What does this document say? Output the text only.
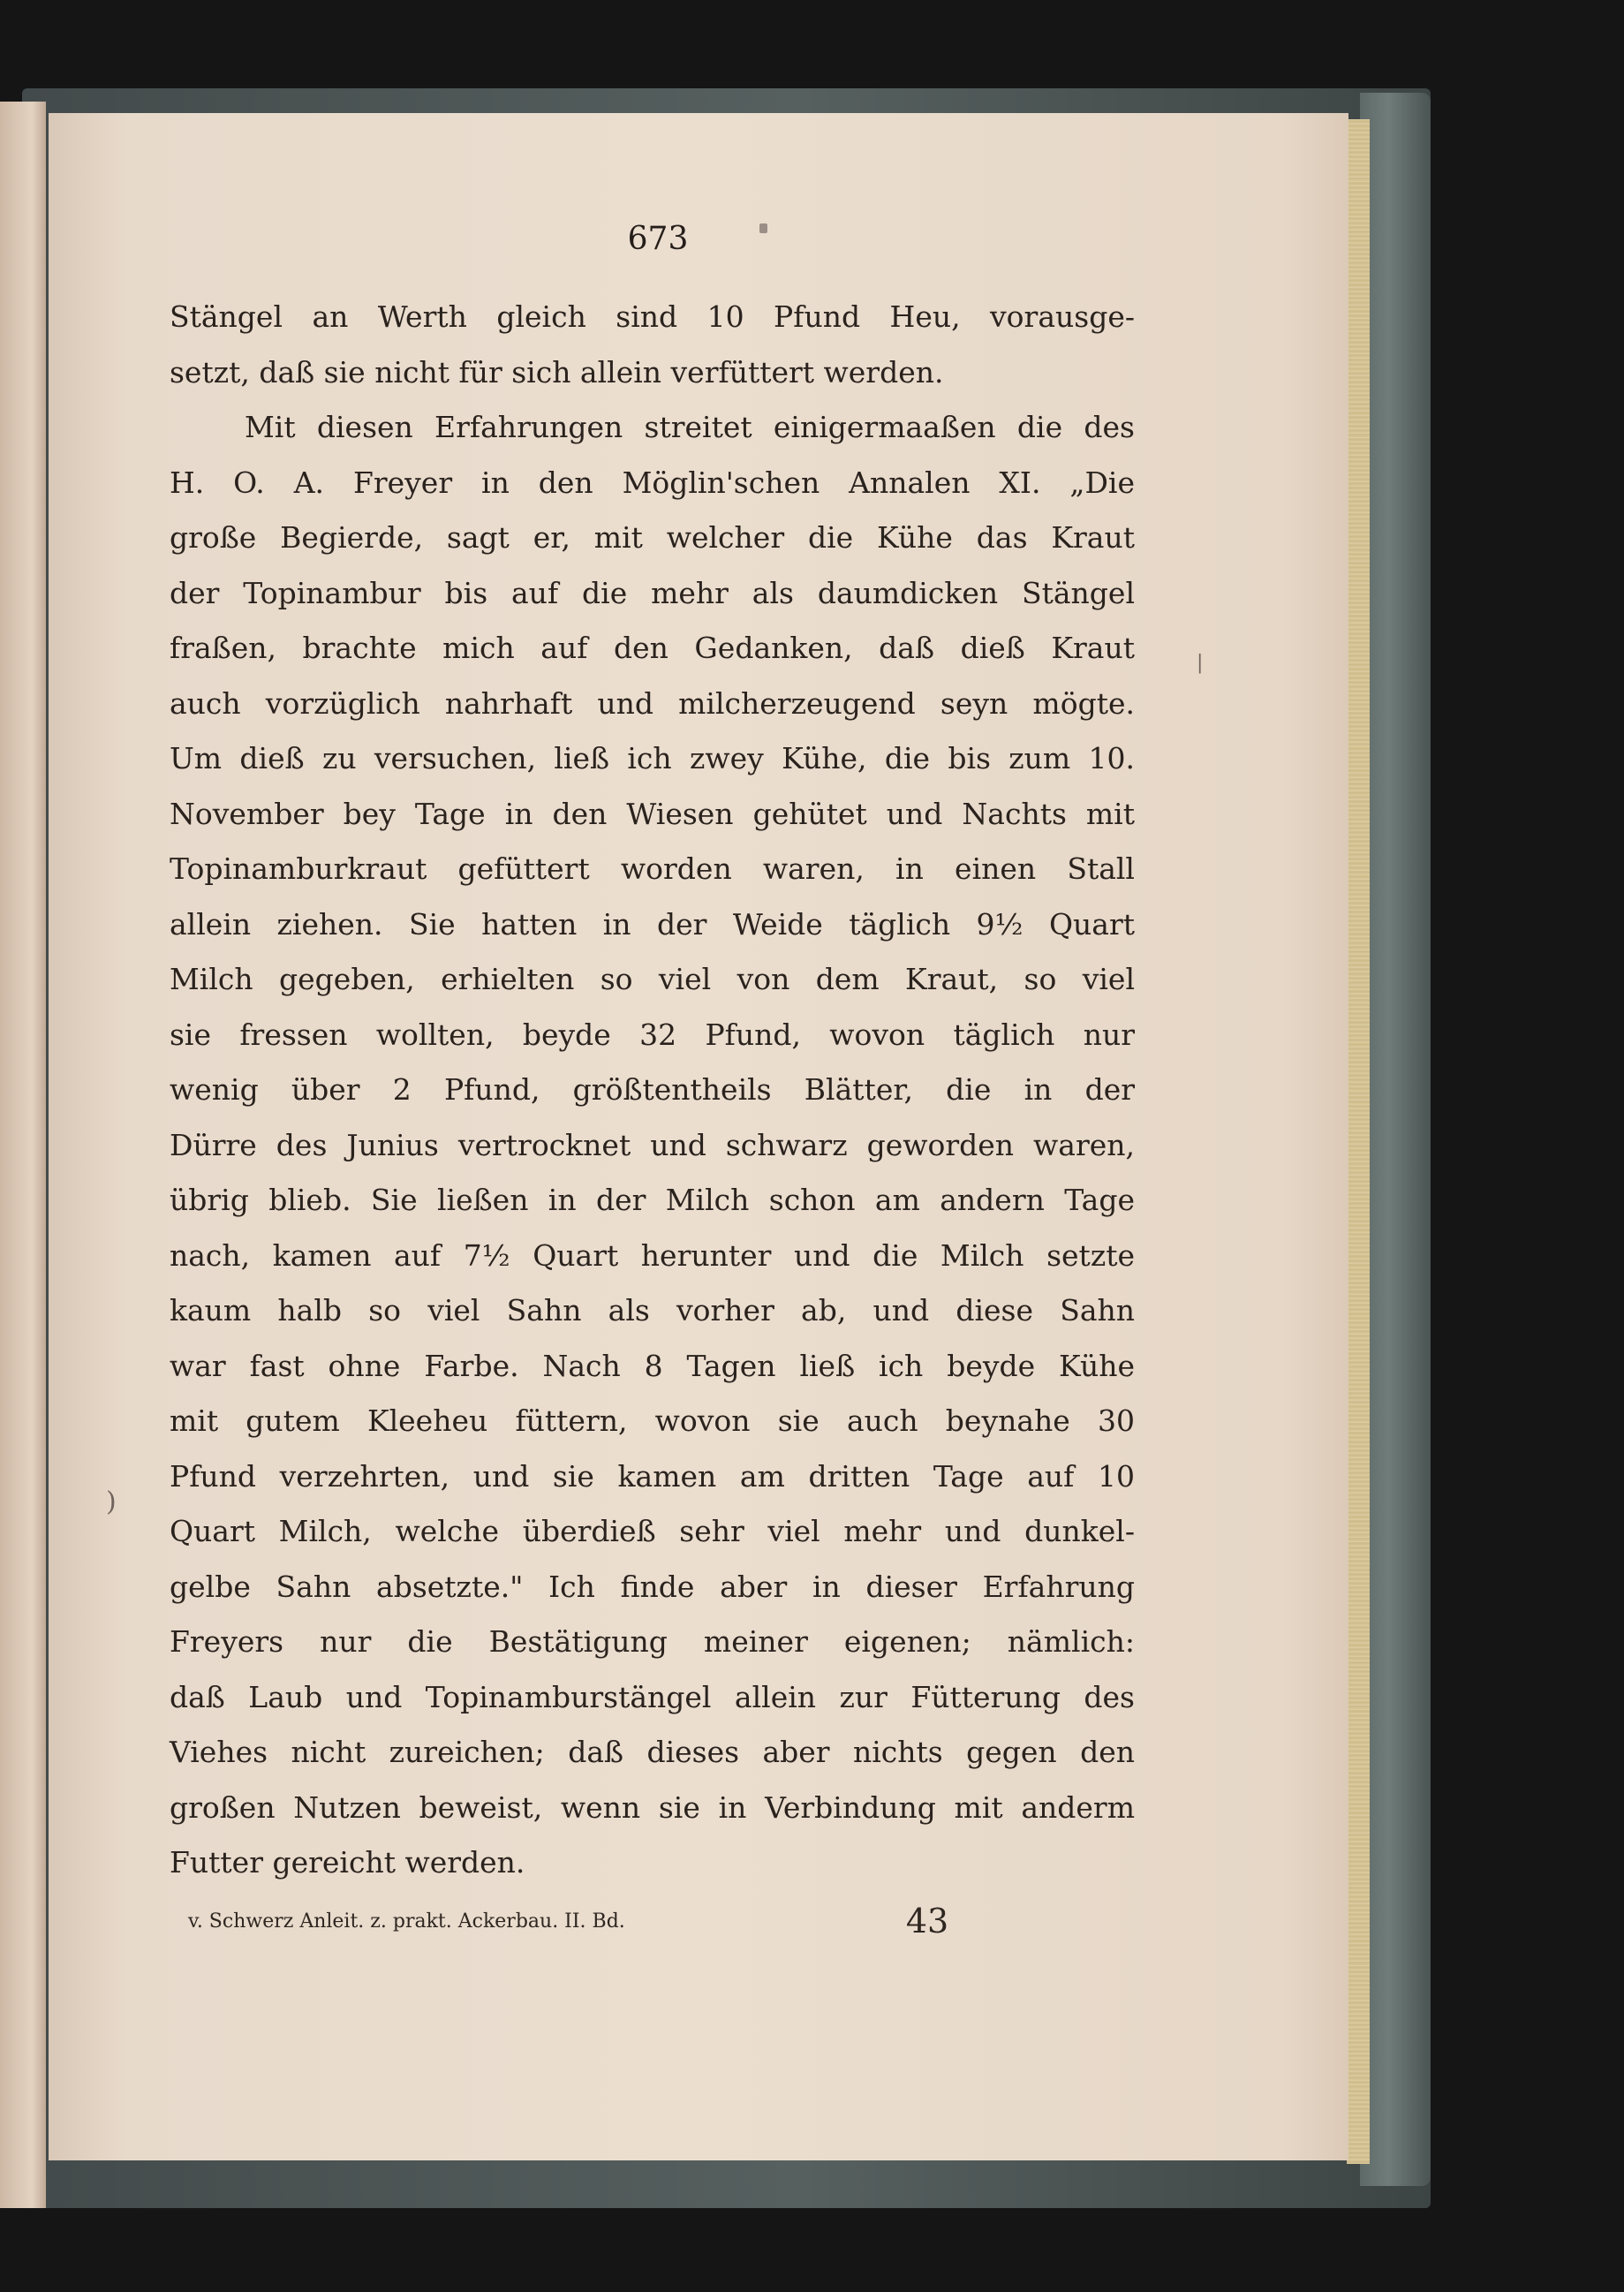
)
|
673
Stängel an Werth gleich sind 10 Pfund Heu, vorausge-
setzt, daß sie nicht für sich allein verfüttert werden.
Mit diesen Erfahrungen streitet einigermaaßen die des
H. O. A. Freyer in den Möglin'schen Annalen XI. „Die
große Begierde, sagt er, mit welcher die Kühe das Kraut
der Topinambur bis auf die mehr als daumdicken Stängel
fraßen, brachte mich auf den Gedanken, daß dieß Kraut
auch vorzüglich nahrhaft und milcherzeugend seyn mögte.
Um dieß zu versuchen, ließ ich zwey Kühe, die bis zum 10.
November bey Tage in den Wiesen gehütet und Nachts mit
Topinamburkraut gefüttert worden waren, in einen Stall
allein ziehen. Sie hatten in der Weide täglich 9½ Quart
Milch gegeben, erhielten so viel von dem Kraut, so viel
sie fressen wollten, beyde 32 Pfund, wovon täglich nur
wenig über 2 Pfund, größtentheils Blätter, die in der
Dürre des Junius vertrocknet und schwarz geworden waren,
übrig blieb. Sie ließen in der Milch schon am andern Tage
nach, kamen auf 7½ Quart herunter und die Milch setzte
kaum halb so viel Sahn als vorher ab, und diese Sahn
war fast ohne Farbe. Nach 8 Tagen ließ ich beyde Kühe
mit gutem Kleeheu füttern, wovon sie auch beynahe 30
Pfund verzehrten, und sie kamen am dritten Tage auf 10
Quart Milch, welche überdieß sehr viel mehr und dunkel-
gelbe Sahn absetzte." Ich finde aber in dieser Erfahrung
Freyers nur die Bestätigung meiner eigenen; nämlich:
daß Laub und Topinamburstängel allein zur Fütterung des
Viehes nicht zureichen; daß dieses aber nichts gegen den
großen Nutzen beweist, wenn sie in Verbindung mit anderm
Futter gereicht werden.
v. Schwerz Anleit. z. prakt. Ackerbau. II. Bd.	43
